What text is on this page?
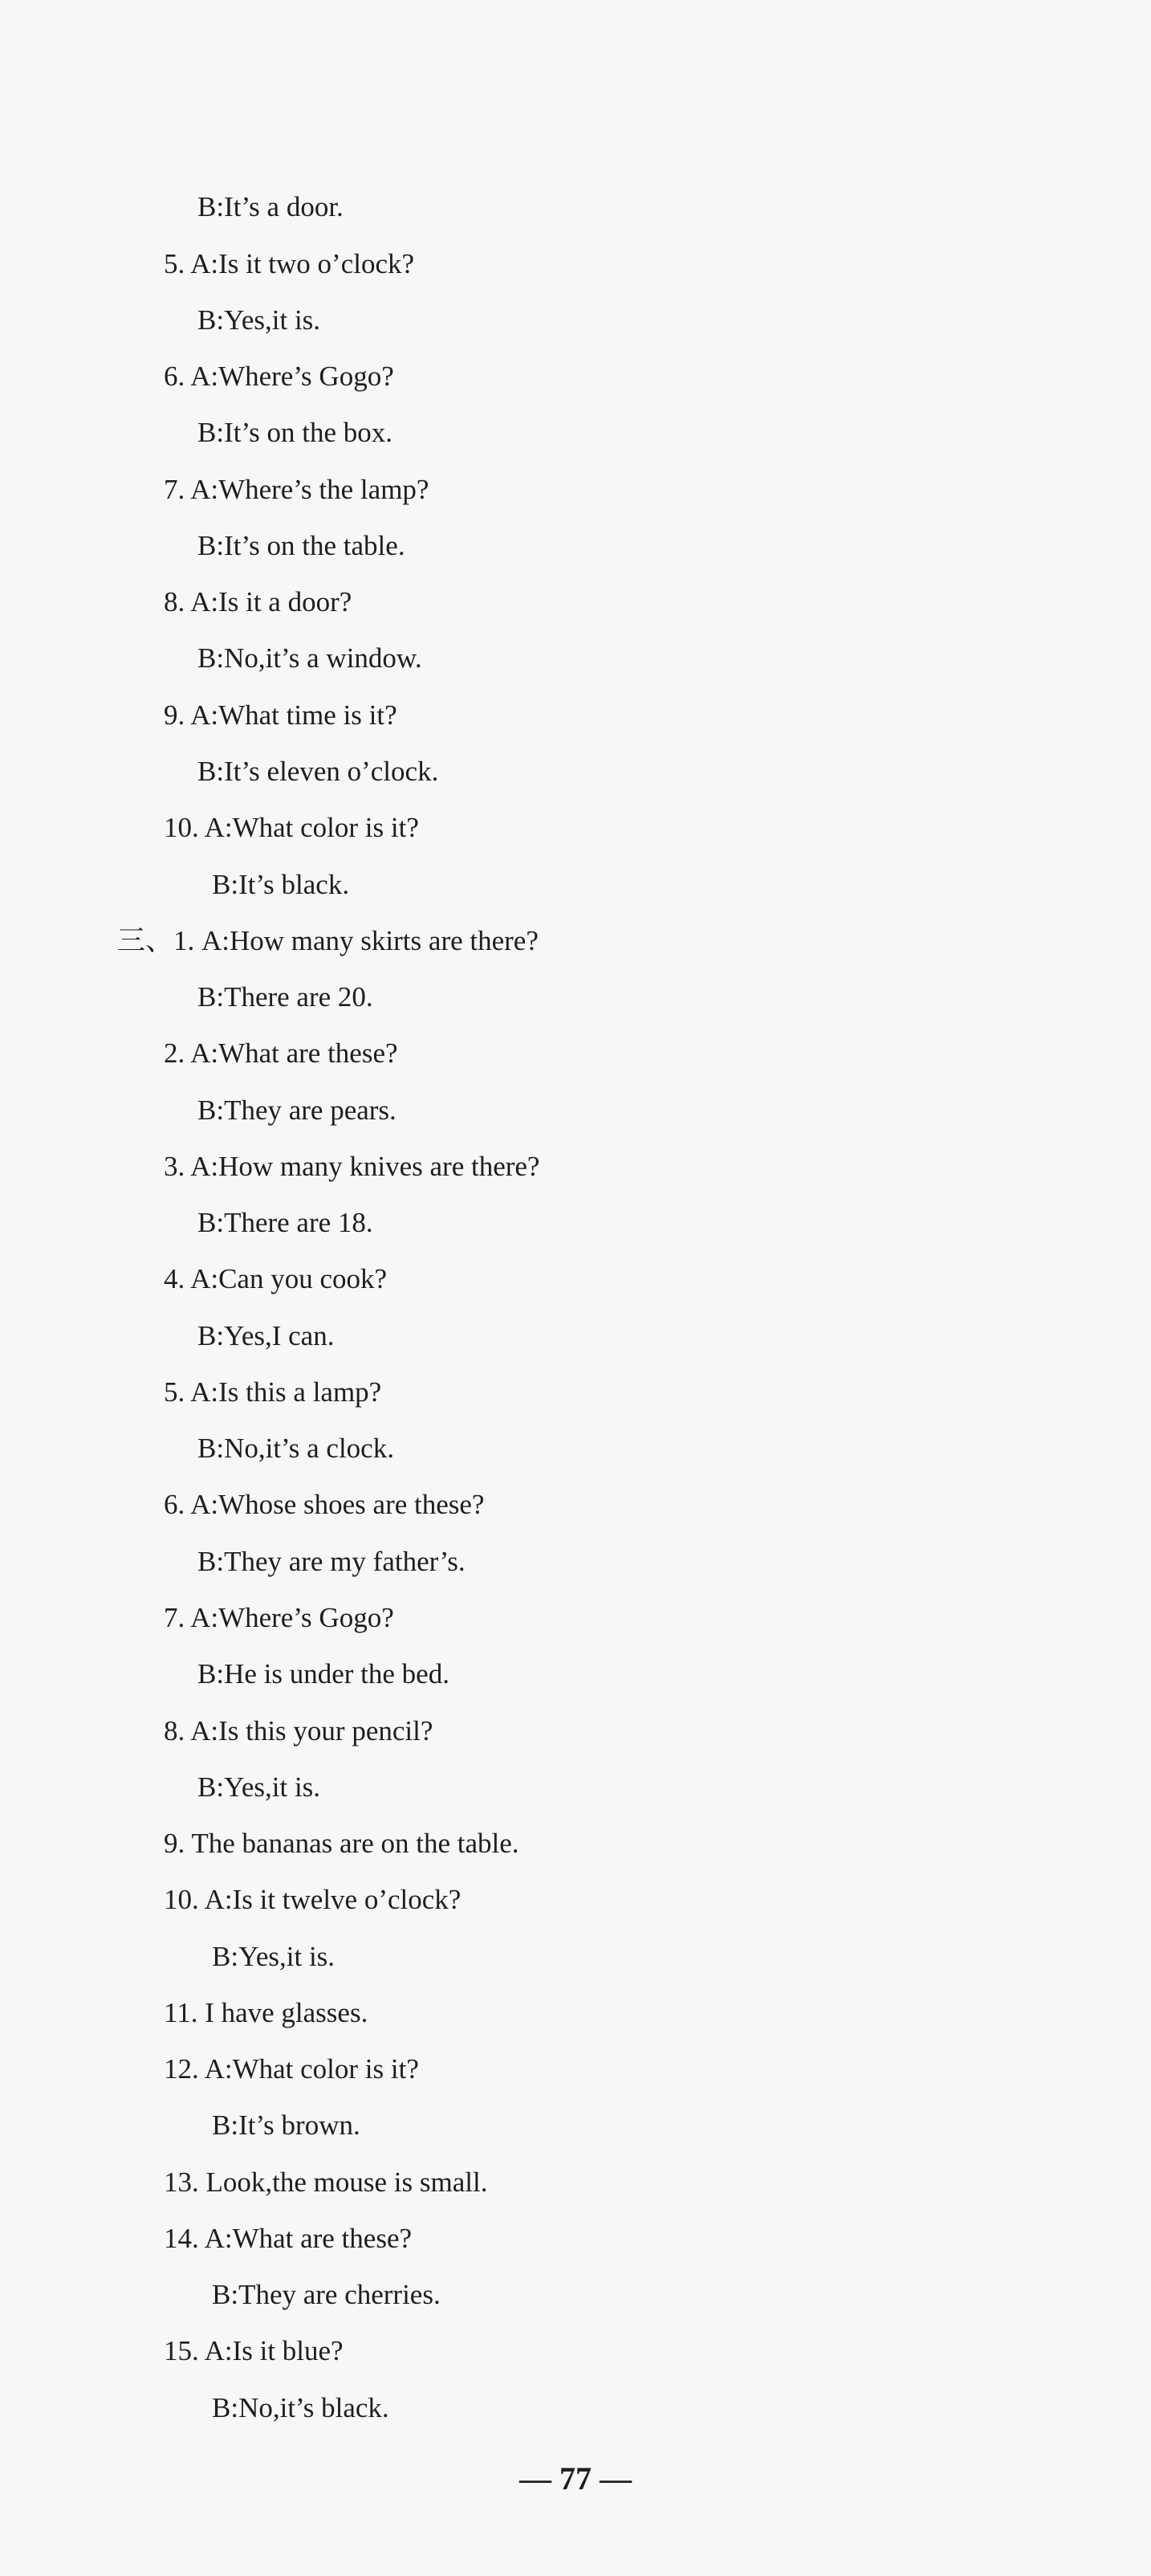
B:It’s a door.
5. A:Is it two o’clock?
B:Yes,it is.
6. A:Where’s Gogo?
B:It’s on the box.
7. A:Where’s the lamp?
B:It’s on the table.
8. A:Is it a door?
B:No,it’s a window.
9. A:What time is it?
B:It’s eleven o’clock.
10. A:What color is it?
B:It’s black.
三、1. A:How many skirts are there?
B:There are 20.
2. A:What are these?
B:They are pears.
3. A:How many knives are there?
B:There are 18.
4. A:Can you cook?
B:Yes,I can.
5. A:Is this a lamp?
B:No,it’s a clock.
6. A:Whose shoes are these?
B:They are my father’s.
7. A:Where’s Gogo?
B:He is under the bed.
8. A:Is this your pencil?
B:Yes,it is.
9. The bananas are on the table.
10. A:Is it twelve o’clock?
B:Yes,it is.
11. I have glasses.
12. A:What color is it?
B:It’s brown.
13. Look,the mouse is small.
14. A:What are these?
B:They are cherries.
15. A:Is it blue?
B:No,it’s black.
— 77 —
